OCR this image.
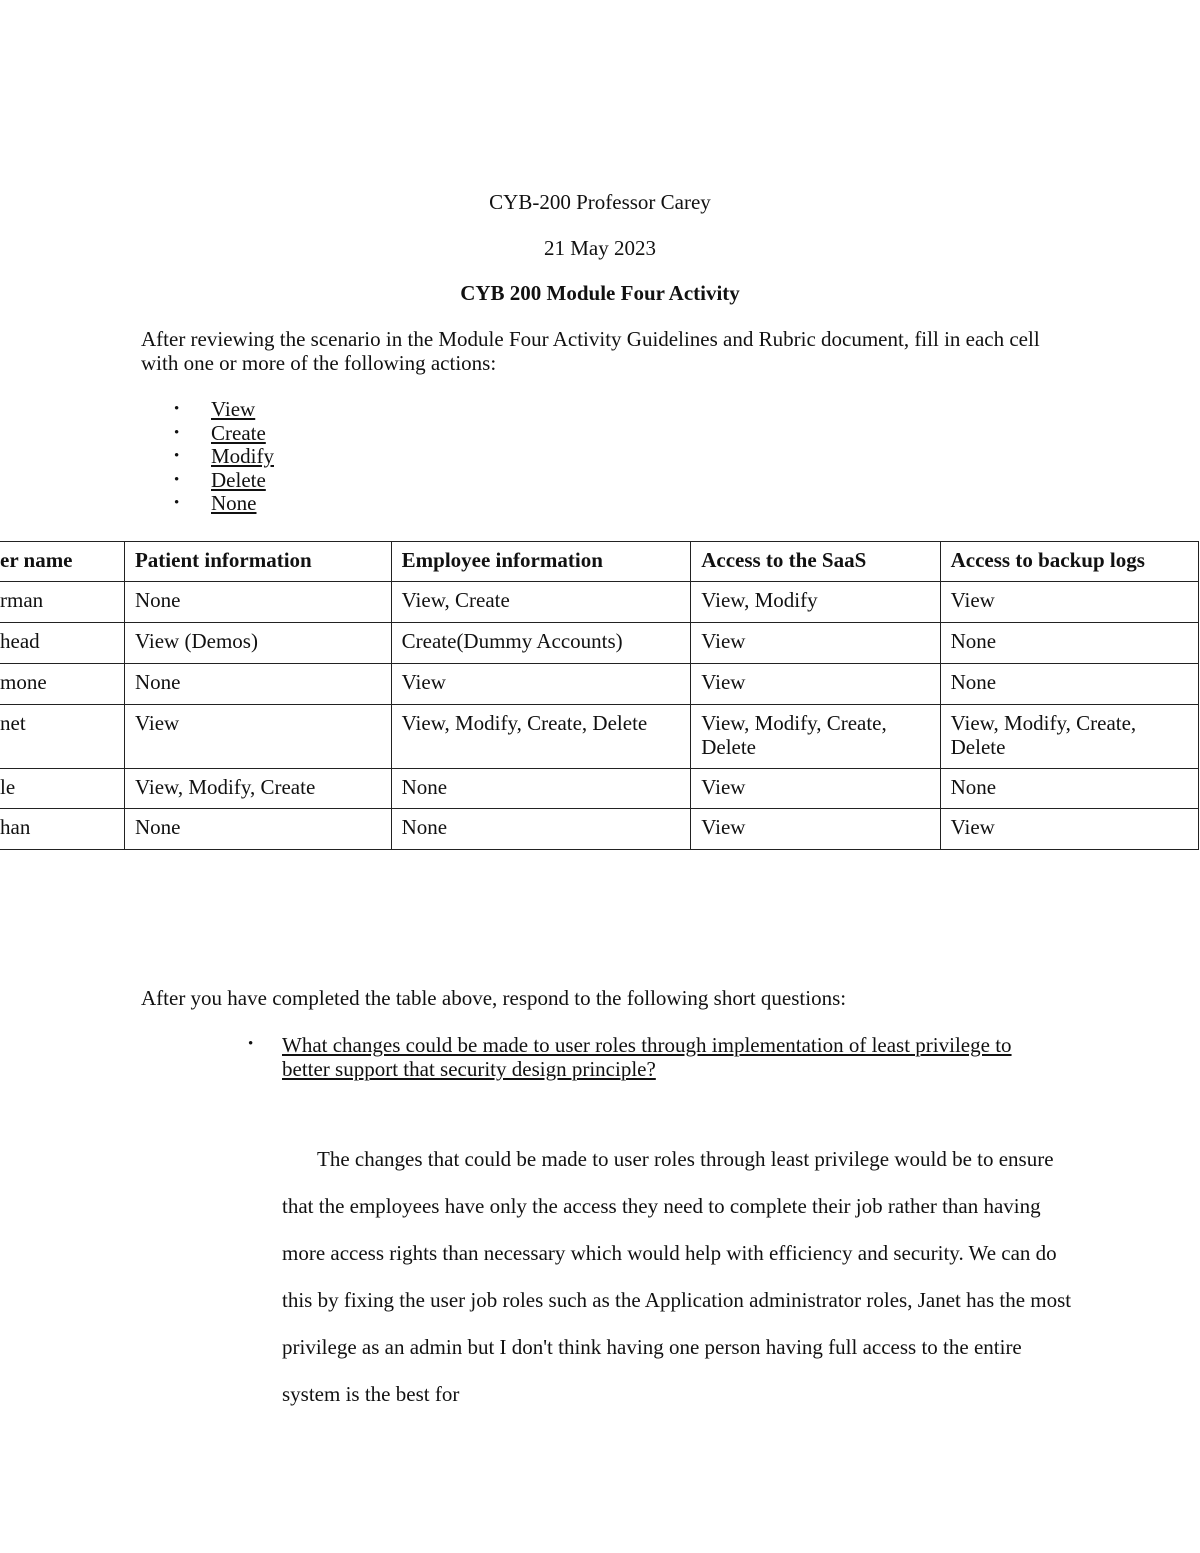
CYB-200 Professor Carey
21 May 2023
CYB 200 Module Four Activity
After reviewing the scenario in the Module Four Activity Guidelines and Rubric document, fill in each cell with one or more of the following actions:
• View
• Create
• Modify
• Delete
• None
er name	Patient information	Employee information	Access to the SaaS	Access to backup logs

rman	None	View, Create	View, Modify	View

head	View (Demos)	Create(Dummy Accounts)	View	None

mone	None	View	View	None

net	View	View, Modify, Create, Delete	View, Modify, Create, Delete	View, Modify, Create, Delete

le	View, Modify, Create	None	View	None

han	None	None	View	View
After you have completed the table above, respond to the following short questions:
• What changes could be made to user roles through implementation of least privilege to better support that security design principle?
The changes that could be made to user roles through least privilege would be to ensure that the employees have only the access they need to complete their job rather than having more access rights than necessary which would help with efficiency and security. We can do this by fixing the user job roles such as the Application administrator roles, Janet has the most privilege as an admin but I don't think having one person having full access to the entire system is the best for
